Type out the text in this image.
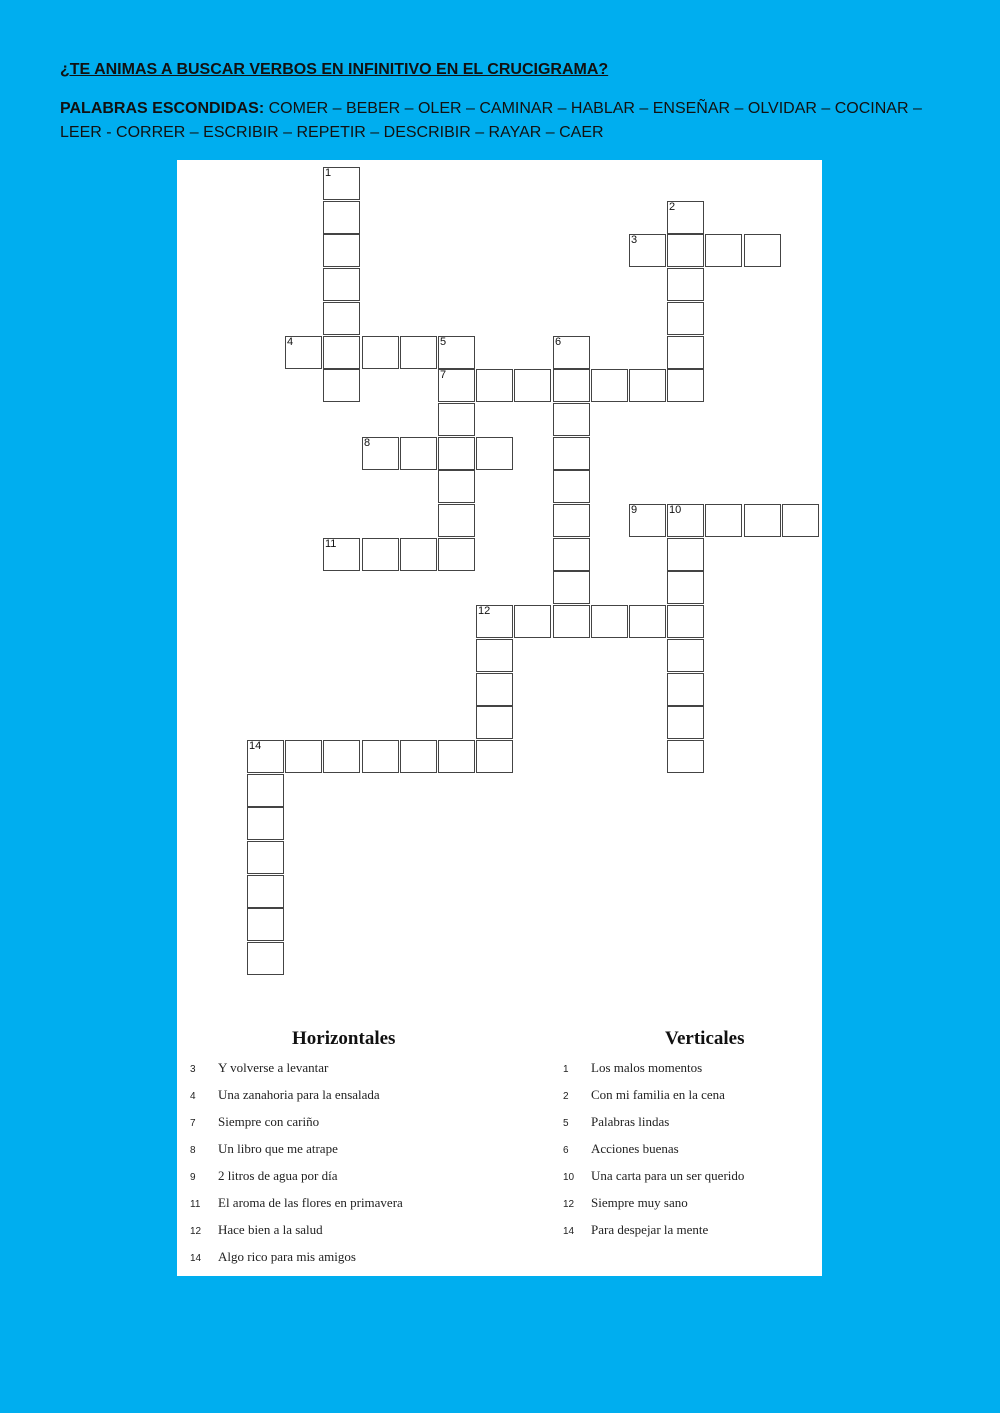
¿TE ANIMAS A BUSCAR VERBOS EN INFINITIVO EN EL CRUCIGRAMA?

PALABRAS ESCONDIDAS: COMER – BEBER – OLER – CAMINAR – HABLAR – ENSEÑAR – OLVIDAR – COCINAR – LEER - CORRER – ESCRIBIR – REPETIR – DESCRIBIR – RAYAR – CAER

1
2
3
4	5
7
6
8
9	10
11
12
14
Horizontales	Verticales
3 Y volverse a levantar
4 Una zanahoria para la ensalada
7 Siempre con cariño
8 Un libro que me atrape
9 2 litros de agua por día
11 El aroma de las flores en primavera
12 Hace bien a la salud
14 Algo rico para mis amigos
1 Los malos momentos
2 Con mi familia en la cena
5 Palabras lindas
6 Acciones buenas
10 Una carta para un ser querido
12 Siempre muy sano
14 Para despejar la mente
